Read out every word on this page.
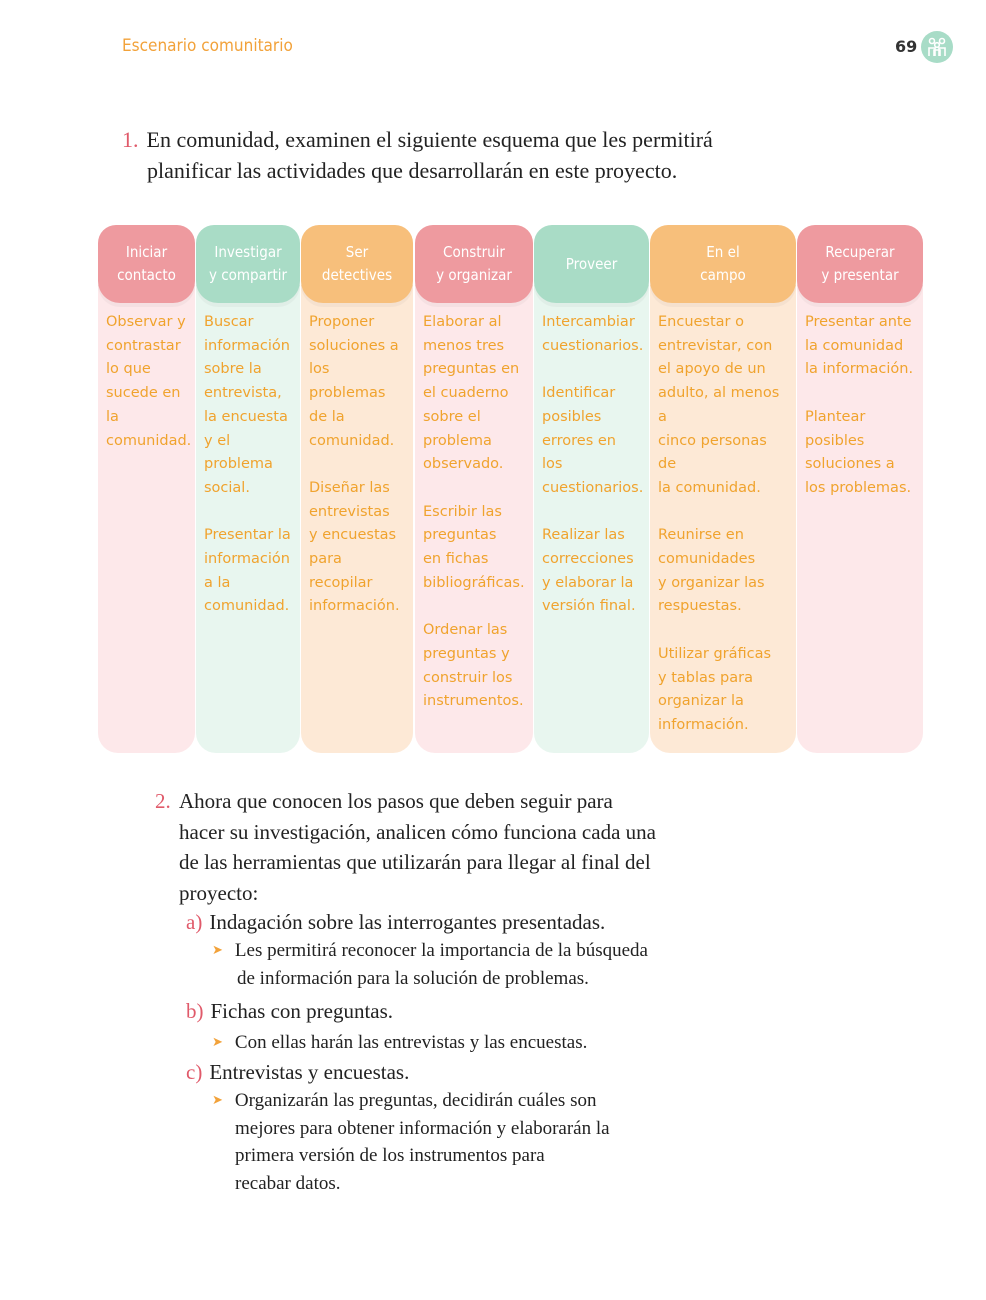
Escenario comunitario	69
1. En comunidad, examinen el siguiente esquema que les permitirá
planificar las actividades que desarrollarán en este proyecto.
Iniciar
contacto

Observar y
contrastar
lo que
sucede en la
comunidad.

Investigar
y compartir

Buscar
información
sobre la
entrevista,
la encuesta
y el
problema
social.

Presentar la
información
a la
comunidad.

Ser
detectives

Proponer
soluciones a
los problemas
de la
comunidad.

Diseñar las
entrevistas
y encuestas
para recopilar
información.

Construir
y organizar

Elaborar al
menos tres
preguntas en
el cuaderno
sobre el
problema
observado.

Escribir las
preguntas
en fichas
bibliográficas.

Ordenar las
preguntas y
construir los
instrumentos.

Proveer

Intercambiar
cuestionarios.

Identificar
posibles
errores en los
cuestionarios.

Realizar las
correcciones
y elaborar la
versión final.

En el
campo

Encuestar o
entrevistar, con
el apoyo de un
adulto, al menos a
cinco personas de
la comunidad.

Reunirse en
comunidades
y organizar las
respuestas.

Utilizar gráficas
y tablas para
organizar la
información.

Recuperar
y presentar

Presentar ante
la comunidad
la información.

Plantear
posibles
soluciones a
los problemas.

2. Ahora que conocen los pasos que deben seguir para
hacer su investigación, analicen cómo funciona cada una
de las herramientas que utilizarán para llegar al final del
proyecto:
a) Indagación sobre las interrogantes presentadas.
➤ Les permitirá reconocer la importancia de la búsqueda
de información para la solución de problemas.
b) Fichas con preguntas.
➤ Con ellas harán las entrevistas y las encuestas.
c) Entrevistas y encuestas.
➤ Organizarán las preguntas, decidirán cuáles son
mejores para obtener información y elaborarán la
primera versión de los instrumentos para
recabar datos.
